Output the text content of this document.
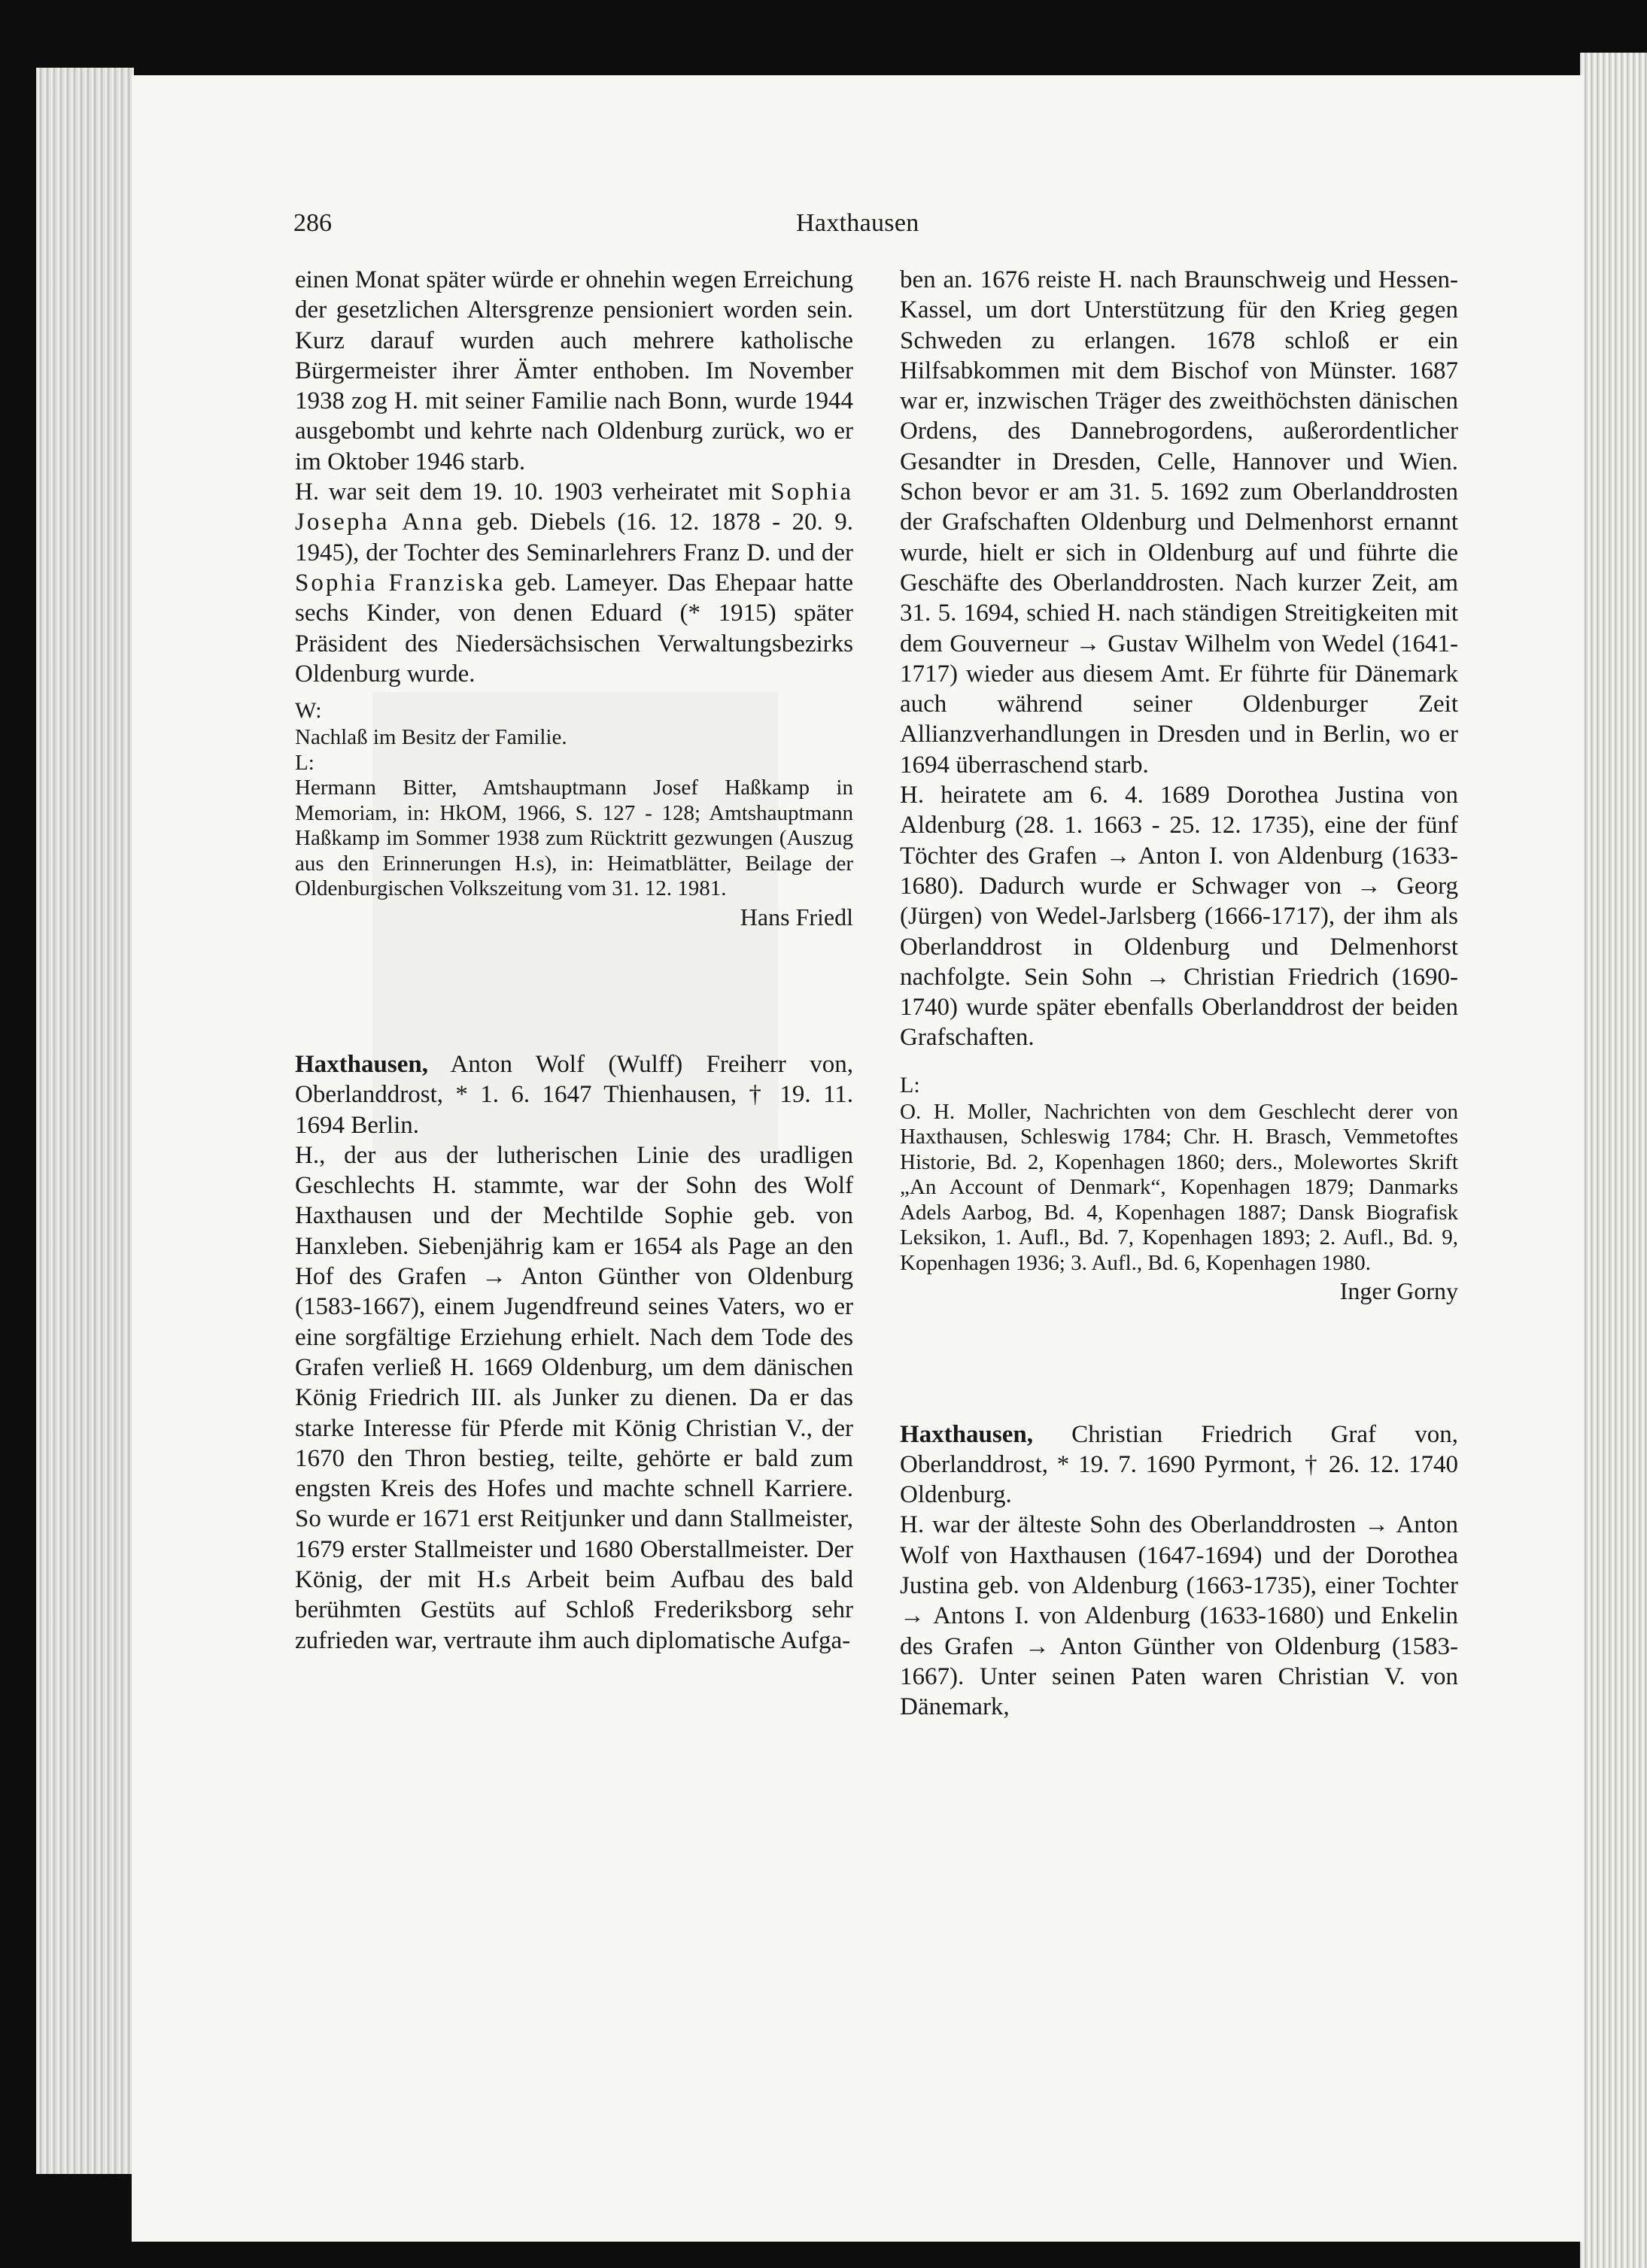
286	Haxthausen

einen Monat später würde er ohnehin wegen Erreichung der gesetzlichen Altersgrenze pensioniert worden sein. Kurz darauf wurden auch mehrere katholische Bürgermeister ihrer Ämter enthoben. Im November 1938 zog H. mit seiner Familie nach Bonn, wurde 1944 ausgebombt und kehrte nach Oldenburg zurück, wo er im Oktober 1946 starb.

H. war seit dem 19. 10. 1903 verheiratet mit Sophia Josepha Anna geb. Diebels (16. 12. 1878 - 20. 9. 1945), der Tochter des Seminarlehrers Franz D. und der Sophia Franziska geb. Lameyer. Das Ehepaar hatte sechs Kinder, von denen Eduard (* 1915) später Präsident des Niedersächsischen Verwaltungsbezirks Oldenburg wurde.

W:

Nachlaß im Besitz der Familie.

L:

Hermann Bitter, Amtshauptmann Josef Haßkamp in Memoriam, in: HkOM, 1966, S. 127 - 128; Amtshauptmann Haßkamp im Sommer 1938 zum Rücktritt gezwungen (Auszug aus den Erinnerungen H.s), in: Heimatblätter, Beilage der Oldenburgischen Volkszeitung vom 31. 12. 1981.

Hans Friedl

Haxthausen, Anton Wolf (Wulff) Freiherr von, Oberlanddrost, * 1. 6. 1647 Thienhausen, † 19. 11. 1694 Berlin.

H., der aus der lutherischen Linie des uradligen Geschlechts H. stammte, war der Sohn des Wolf Haxthausen und der Mechtilde Sophie geb. von Hanxleben. Siebenjährig kam er 1654 als Page an den Hof des Grafen → Anton Günther von Oldenburg (1583-1667), einem Jugendfreund seines Vaters, wo er eine sorgfältige Erziehung erhielt. Nach dem Tode des Grafen verließ H. 1669 Oldenburg, um dem dänischen König Friedrich III. als Junker zu dienen. Da er das starke Interesse für Pferde mit König Christian V., der 1670 den Thron bestieg, teilte, gehörte er bald zum engsten Kreis des Hofes und machte schnell Karriere. So wurde er 1671 erst Reitjunker und dann Stallmeister, 1679 erster Stallmeister und 1680 Oberstallmeister. Der König, der mit H.s Arbeit beim Aufbau des bald berühmten Gestüts auf Schloß Frederiksborg sehr zufrieden war, vertraute ihm auch diplomatische Aufga-

ben an. 1676 reiste H. nach Braunschweig und Hessen-Kassel, um dort Unterstützung für den Krieg gegen Schweden zu erlangen. 1678 schloß er ein Hilfsabkommen mit dem Bischof von Münster. 1687 war er, inzwischen Träger des zweithöchsten dänischen Ordens, des Dannebrogordens, außerordentlicher Gesandter in Dresden, Celle, Hannover und Wien. Schon bevor er am 31. 5. 1692 zum Oberlanddrosten der Grafschaften Oldenburg und Delmenhorst ernannt wurde, hielt er sich in Oldenburg auf und führte die Geschäfte des Oberlanddrosten. Nach kurzer Zeit, am 31. 5. 1694, schied H. nach ständigen Streitigkeiten mit dem Gouverneur → Gustav Wilhelm von Wedel (1641-1717) wieder aus diesem Amt. Er führte für Dänemark auch während seiner Oldenburger Zeit Allianzverhandlungen in Dresden und in Berlin, wo er 1694 überraschend starb.

H. heiratete am 6. 4. 1689 Dorothea Justina von Aldenburg (28. 1. 1663 - 25. 12. 1735), eine der fünf Töchter des Grafen → Anton I. von Aldenburg (1633-1680). Dadurch wurde er Schwager von → Georg (Jürgen) von Wedel-Jarlsberg (1666-1717), der ihm als Oberlanddrost in Oldenburg und Delmenhorst nachfolgte. Sein Sohn → Christian Friedrich (1690-1740) wurde später ebenfalls Oberlanddrost der beiden Grafschaften.

L:

O. H. Moller, Nachrichten von dem Geschlecht derer von Haxthausen, Schleswig 1784; Chr. H. Brasch, Vemmetoftes Historie, Bd. 2, Kopenhagen 1860; ders., Molewortes Skrift „An Account of Denmark“, Kopenhagen 1879; Danmarks Adels Aarbog, Bd. 4, Kopenhagen 1887; Dansk Biografisk Leksikon, 1. Aufl., Bd. 7, Kopenhagen 1893; 2. Aufl., Bd. 9, Kopenhagen 1936; 3. Aufl., Bd. 6, Kopenhagen 1980.

Inger Gorny

Haxthausen, Christian Friedrich Graf von, Oberlanddrost, * 19. 7. 1690 Pyrmont, † 26. 12. 1740 Oldenburg.

H. war der älteste Sohn des Oberlanddrosten → Anton Wolf von Haxthausen (1647-1694) und der Dorothea Justina geb. von Aldenburg (1663-1735), einer Tochter → Antons I. von Aldenburg (1633-1680) und Enkelin des Grafen → Anton Günther von Oldenburg (1583-1667). Unter seinen Paten waren Christian V. von Dänemark,
